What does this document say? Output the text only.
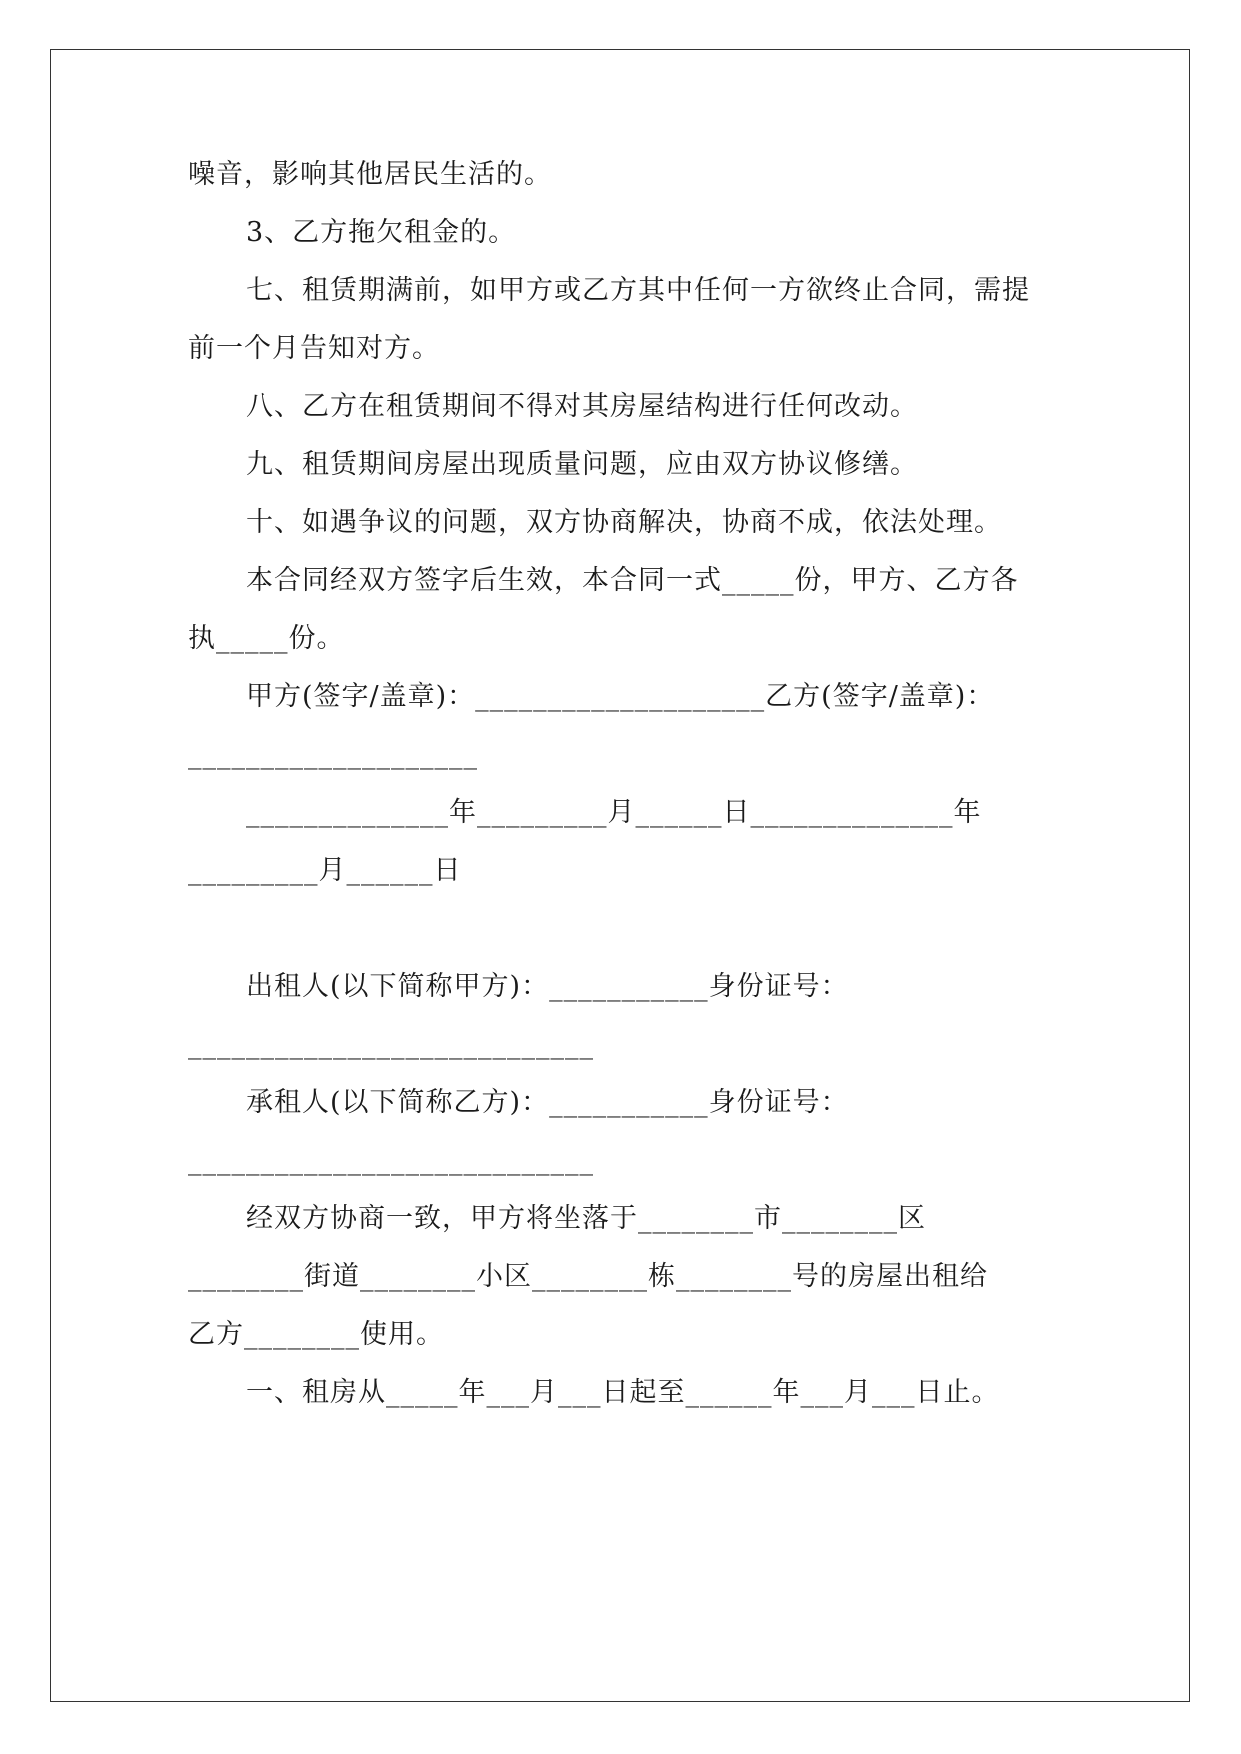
噪音，影响其他居民生活的。
3、乙方拖欠租金的。
七、租赁期满前，如甲方或乙方其中任何一方欲终止合同，需提
前一个月告知对方。
八、乙方在租赁期间不得对其房屋结构进行任何改动。
九、租赁期间房屋出现质量问题，应由双方协议修缮。
十、如遇争议的问题，双方协商解决，协商不成，依法处理。
本合同经双方签字后生效，本合同一式_____份，甲方、乙方各
执_____份。
甲方(签字/盖章)：____________________乙方(签字/盖章)：
____________________
______________年_________月______日______________年
_________月______日
出租人(以下简称甲方)：___________身份证号：
____________________________
承租人(以下简称乙方)：___________身份证号：
____________________________
经双方协商一致，甲方将坐落于________市________区
________街道________小区________栋________号的房屋出租给
乙方________使用。
一、租房从_____年___月___日起至______年___月___日止。
